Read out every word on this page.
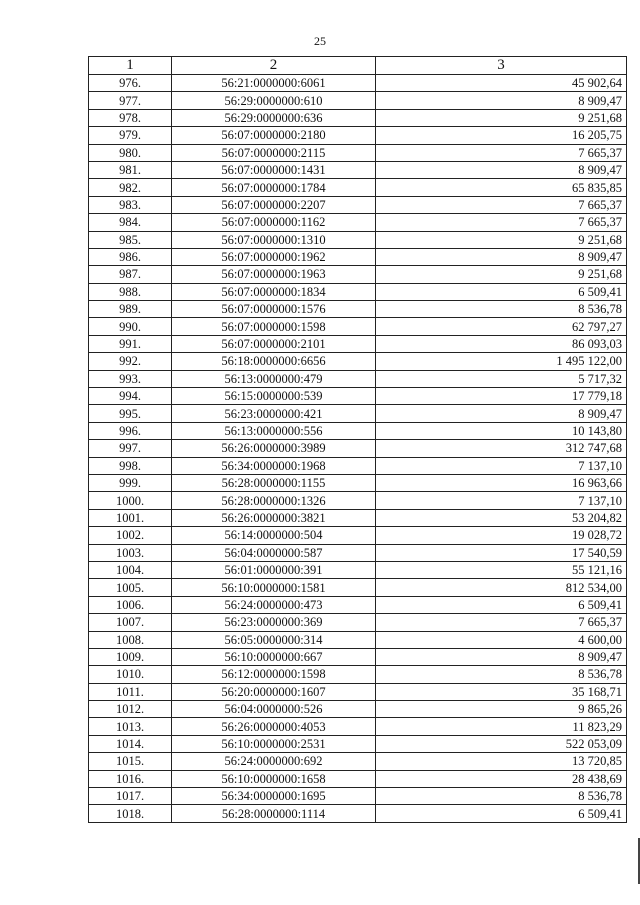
25
1	2	3
976.	56:21:0000000:6061	45 902,64
977.	56:29:0000000:610	8 909,47
978.	56:29:0000000:636	9 251,68
979.	56:07:0000000:2180	16 205,75
980.	56:07:0000000:2115	7 665,37
981.	56:07:0000000:1431	8 909,47
982.	56:07:0000000:1784	65 835,85
983.	56:07:0000000:2207	7 665,37
984.	56:07:0000000:1162	7 665,37
985.	56:07:0000000:1310	9 251,68
986.	56:07:0000000:1962	8 909,47
987.	56:07:0000000:1963	9 251,68
988.	56:07:0000000:1834	6 509,41
989.	56:07:0000000:1576	8 536,78
990.	56:07:0000000:1598	62 797,27
991.	56:07:0000000:2101	86 093,03
992.	56:18:0000000:6656	1 495 122,00
993.	56:13:0000000:479	5 717,32
994.	56:15:0000000:539	17 779,18
995.	56:23:0000000:421	8 909,47
996.	56:13:0000000:556	10 143,80
997.	56:26:0000000:3989	312 747,68
998.	56:34:0000000:1968	7 137,10
999.	56:28:0000000:1155	16 963,66
1000.	56:28:0000000:1326	7 137,10
1001.	56:26:0000000:3821	53 204,82
1002.	56:14:0000000:504	19 028,72
1003.	56:04:0000000:587	17 540,59
1004.	56:01:0000000:391	55 121,16
1005.	56:10:0000000:1581	812 534,00
1006.	56:24:0000000:473	6 509,41
1007.	56:23:0000000:369	7 665,37
1008.	56:05:0000000:314	4 600,00
1009.	56:10:0000000:667	8 909,47
1010.	56:12:0000000:1598	8 536,78
1011.	56:20:0000000:1607	35 168,71
1012.	56:04:0000000:526	9 865,26
1013.	56:26:0000000:4053	11 823,29
1014.	56:10:0000000:2531	522 053,09
1015.	56:24:0000000:692	13 720,85
1016.	56:10:0000000:1658	28 438,69
1017.	56:34:0000000:1695	8 536,78
1018.	56:28:0000000:1114	6 509,41
